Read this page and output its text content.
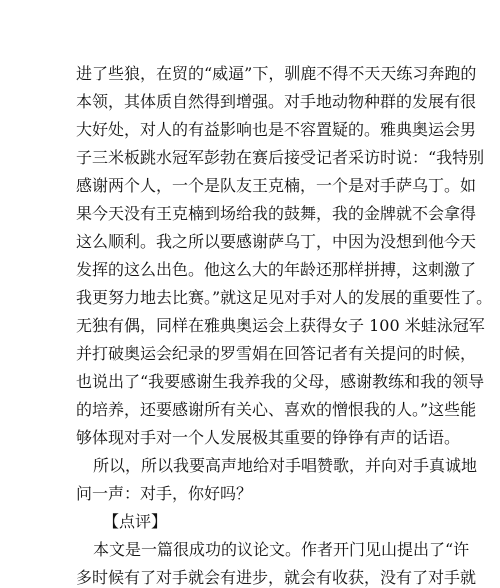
进了些狼，在贸的“威逼”下，驯鹿不得不天天练习奔跑的
本领，其体质自然得到增强。对手地动物种群的发展有很
大好处，对人的有益影响也是不容置疑的。雅典奥运会男
子三米板跳水冠军彭勃在赛后接受记者采访时说：“我特别
感谢两个人，一个是队友王克楠，一个是对手萨乌丁。如
果今天没有王克楠到场给我的鼓舞，我的金牌就不会拿得
这么顺利。我之所以要感谢萨乌丁，中因为没想到他今天
发挥的这么出色。他这么大的年龄还那样拼搏，这刺激了
我更努力地去比赛。”就这足见对手对人的发展的重要性了。
无独有偶，同样在雅典奥运会上获得女子 100 米蛙泳冠军
并打破奥运会纪录的罗雪娟在回答记者有关提问的时候，
也说出了“我要感谢生我养我的父母，感谢教练和我的领导
的培养，还要感谢所有关心、喜欢的憎恨我的人。”这些能
够体现对手对一个人发展极其重要的铮铮有声的话语。
所以，所以我要高声地给对手唱赞歌，并向对手真诚地
问一声：对手，你好吗？
【点评】
本文是一篇很成功的议论文。作者开门见山提出了“许
多时候有了对手就会有进步，就会有收获，没有了对手就
